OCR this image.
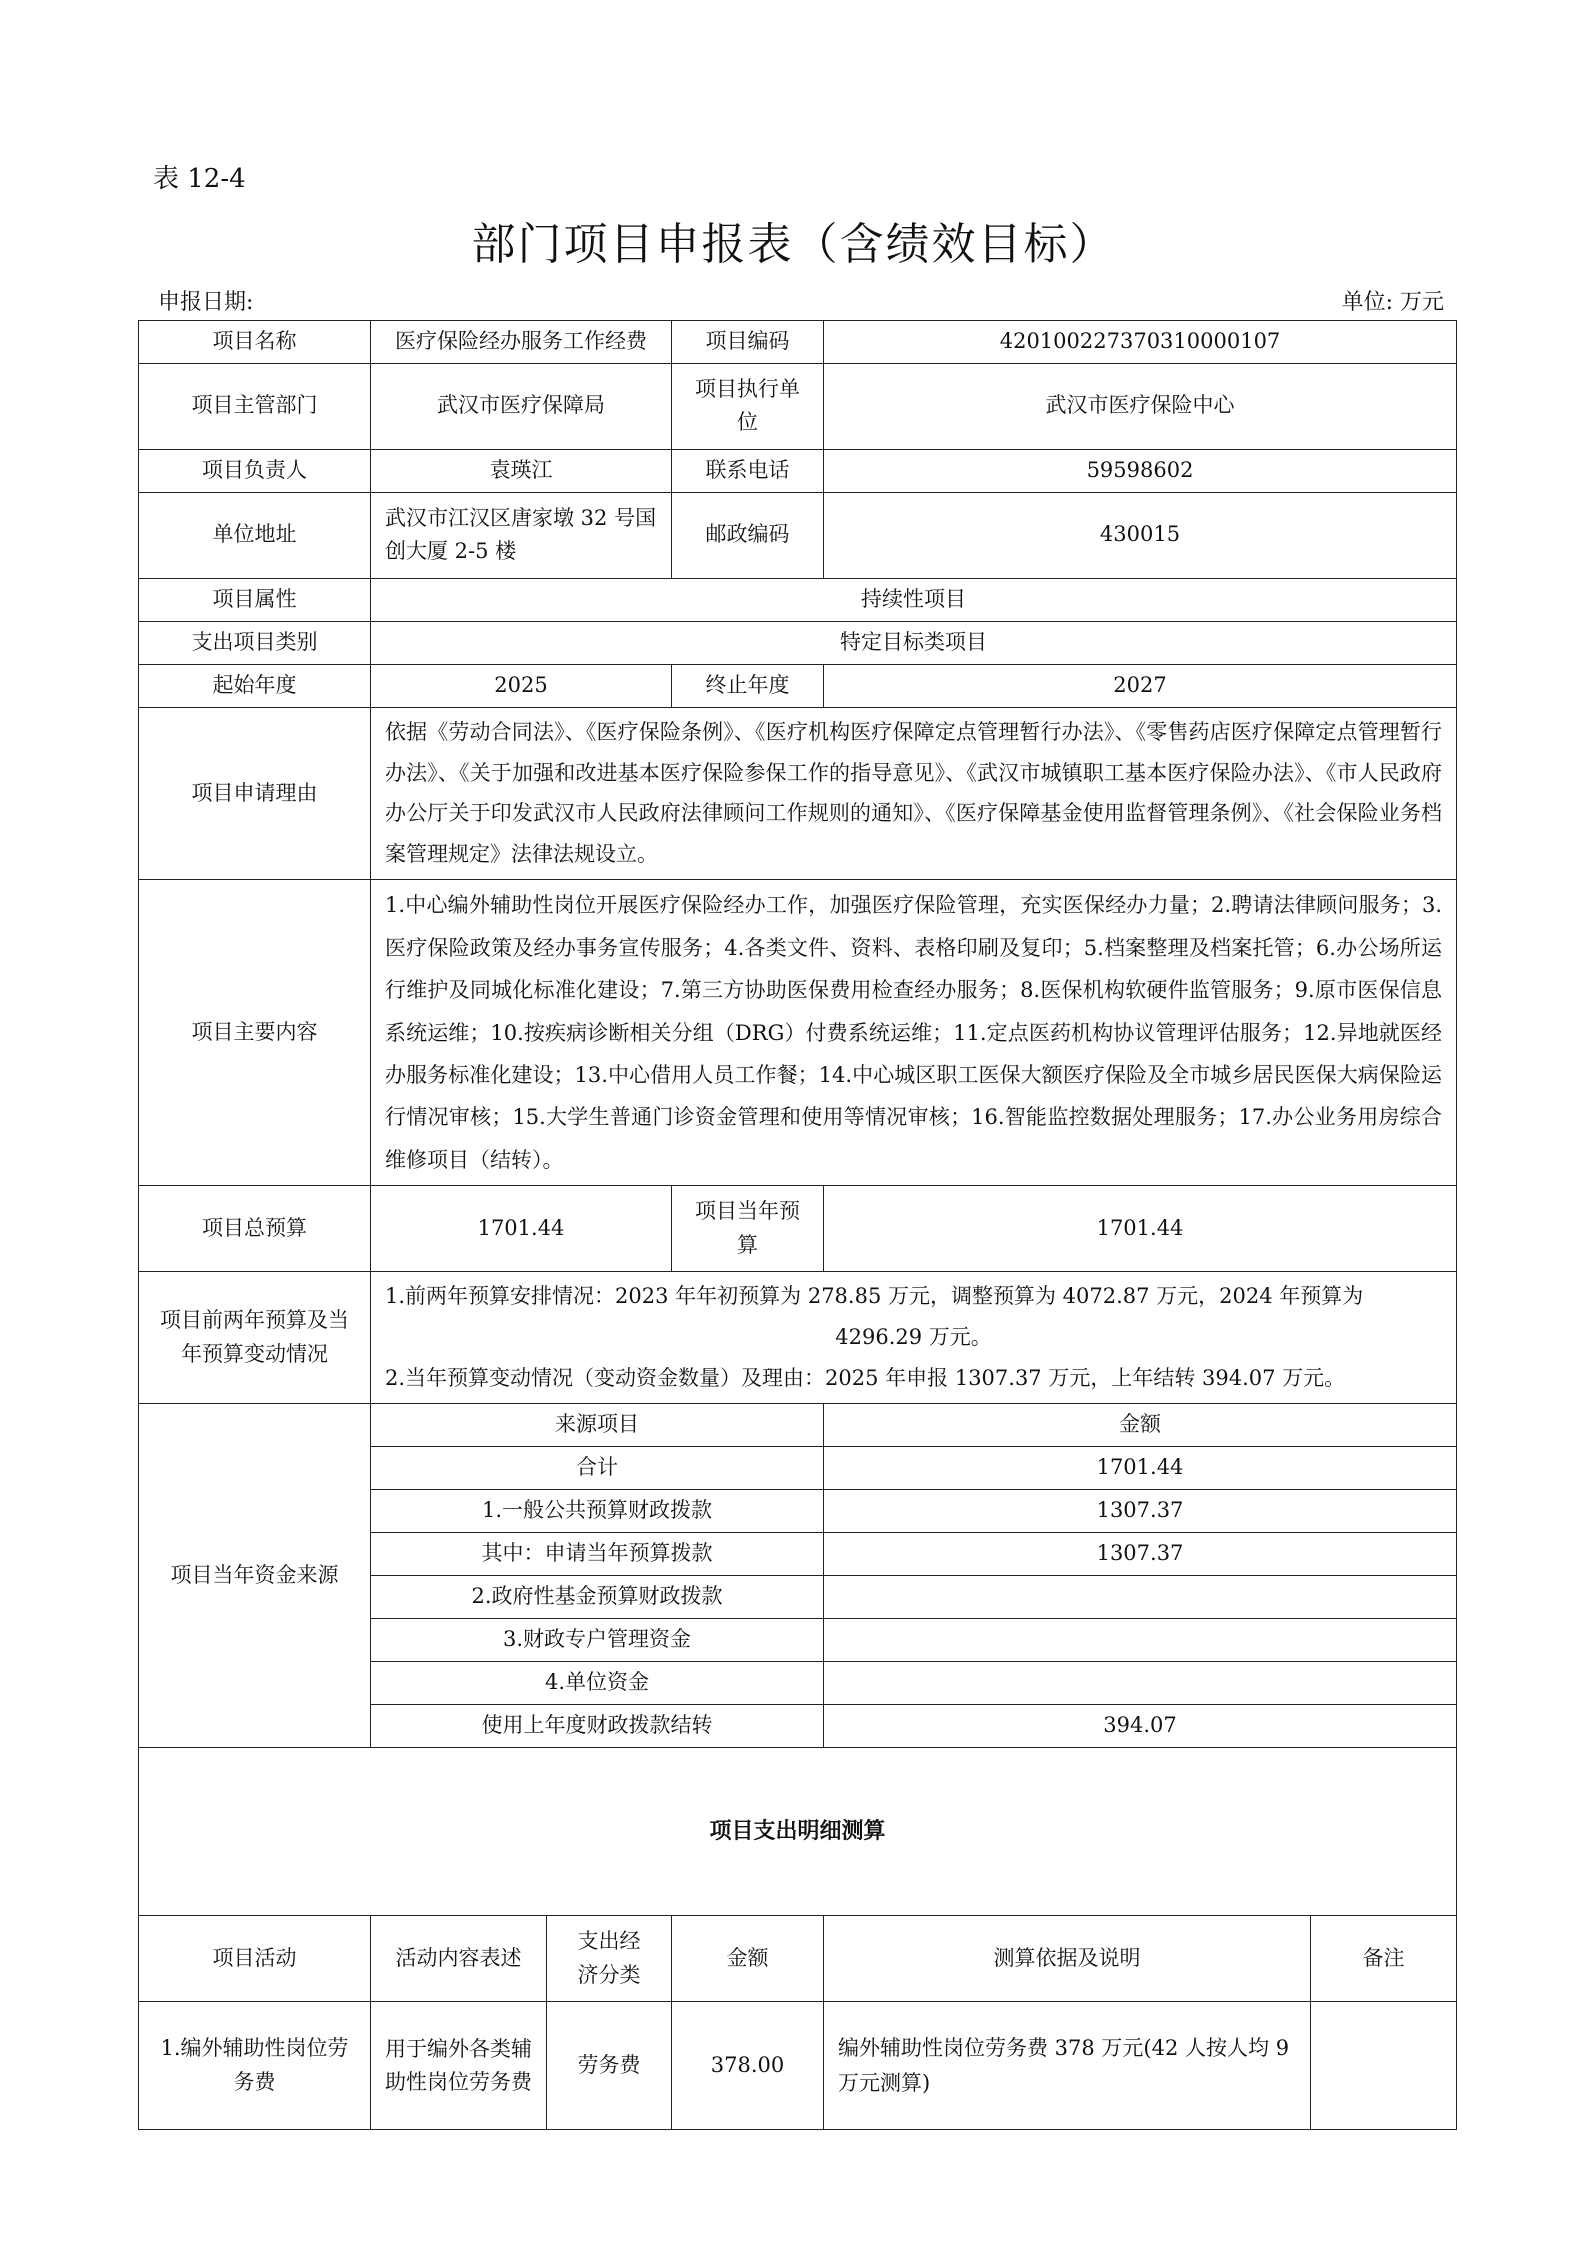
表 12-4
部门项目申报表（含绩效目标）
申报日期:	单位: 万元
项目名称	医疗保险经办服务工作经费		项目编码	420100227370310000107	
项目主管部门	武汉市医疗保障局		项目执行单位	武汉市医疗保险中心	
项目负责人	袁瑛江		联系电话	59598602	
单位地址	武汉市江汉区唐家墩 32 号国创大厦 2-5 楼		邮政编码	430015	
项目属性	持续性项目				
支出项目类别	特定目标类项目				
起始年度	2025		终止年度	2027	
项目申请理由	依据《劳动合同法》、《医疗保险条例》、《医疗机构医疗保障定点管理暂行办法》、《零售药店医疗保障定点管理暂行办法》、《关于加强和改进基本医疗保险参保工作的指导意见》、《武汉市城镇职工基本医疗保险办法》、《市人民政府办公厅关于印发武汉市人民政府法律顾问工作规则的通知》、《医疗保障基金使用监督管理条例》、《社会保险业务档案管理规定》法律法规设立。				

项目主要内容	1.中心编外辅助性岗位开展医疗保险经办工作，加强医疗保险管理，充实医保经办力量；2.聘请法律顾问服务；3.医疗保险政策及经办事务宣传服务；4.各类文件、资料、表格印刷及复印；5.档案整理及档案托管；6.办公场所运行维护及同城化标准化建设；7.第三方协助医保费用检查经办服务；8.医保机构软硬件监管服务；9.原市医保信息系统运维；10.按疾病诊断相关分组（DRG）付费系统运维；11.定点医药机构协议管理评估服务；12.异地就医经办服务标准化建设；13.中心借用人员工作餐；14.中心城区职工医保大额医疗保险及全市城乡居民医保大病保险运行情况审核；15.大学生普通门诊资金管理和使用等情况审核；16.智能监控数据处理服务；17.办公业务用房综合维修项目（结转）。				

项目总预算	1701.44		项目当年预算	1701.44	
项目前两年预算及当年预算变动情况	1.前两年预算安排情况：2023 年年初预算为 278.85 万元，调整预算为 4072.87 万元，2024 年预算为
4296.29 万元。
2.当年预算变动情况（变动资金数量）及理由：2025 年申报 1307.37 万元，上年结转 394.07 万元。				

项目当年资金来源	来源项目			金额	
	合计			1701.44	
	1.一般公共预算财政拨款			1307.37	
	其中：申请当年预算拨款			1307.37	
	2.政府性基金预算财政拨款				
	3.财政专户管理资金				
	4.单位资金				
	使用上年度财政拨款结转			394.07	
项目支出明细测算					
项目活动	活动内容表述	支出经济分类	金额	测算依据及说明	备注
1.编外辅助性岗位劳务费	用于编外各类辅助性岗位劳务费	劳务费	378.00	编外辅助性岗位劳务费 378 万元(42 人按人均 9 万元测算)	
